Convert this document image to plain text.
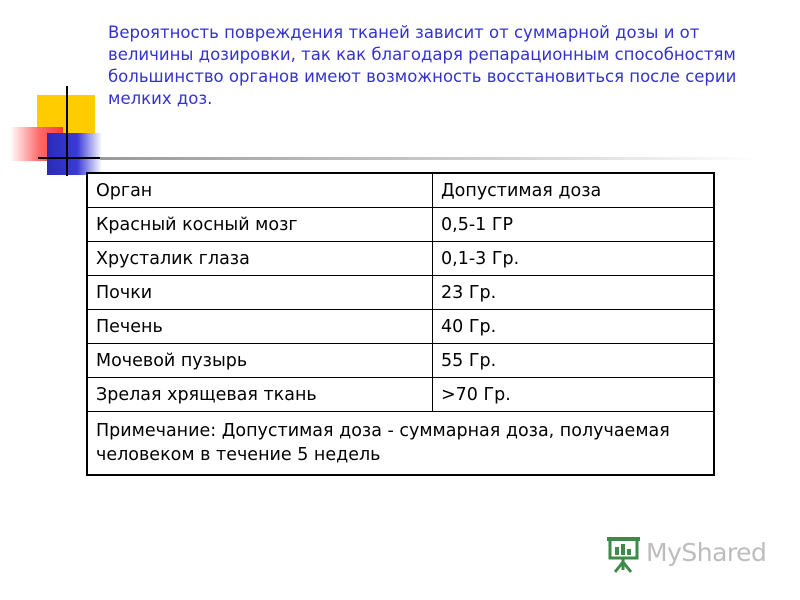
Вероятность повреждения тканей зависит от суммарной дозы и от величины дозировки, так как благодаря репарационным способностям большинство органов имеют возможность восстановиться после серии мелких доз.

Орган	Допустимая доза
Красный косный мозг	0,5-1 ГР
Хрусталик глаза	0,1-3 Гр.
Почки	23 Гр.
Печень	40 Гр.
Мочевой пузырь	55 Гр.
Зрелая хрящевая ткань	>70 Гр.
Примечание: Допустимая доза - суммарная доза, получаемая человеком в течение 5 недель	
MyShared
